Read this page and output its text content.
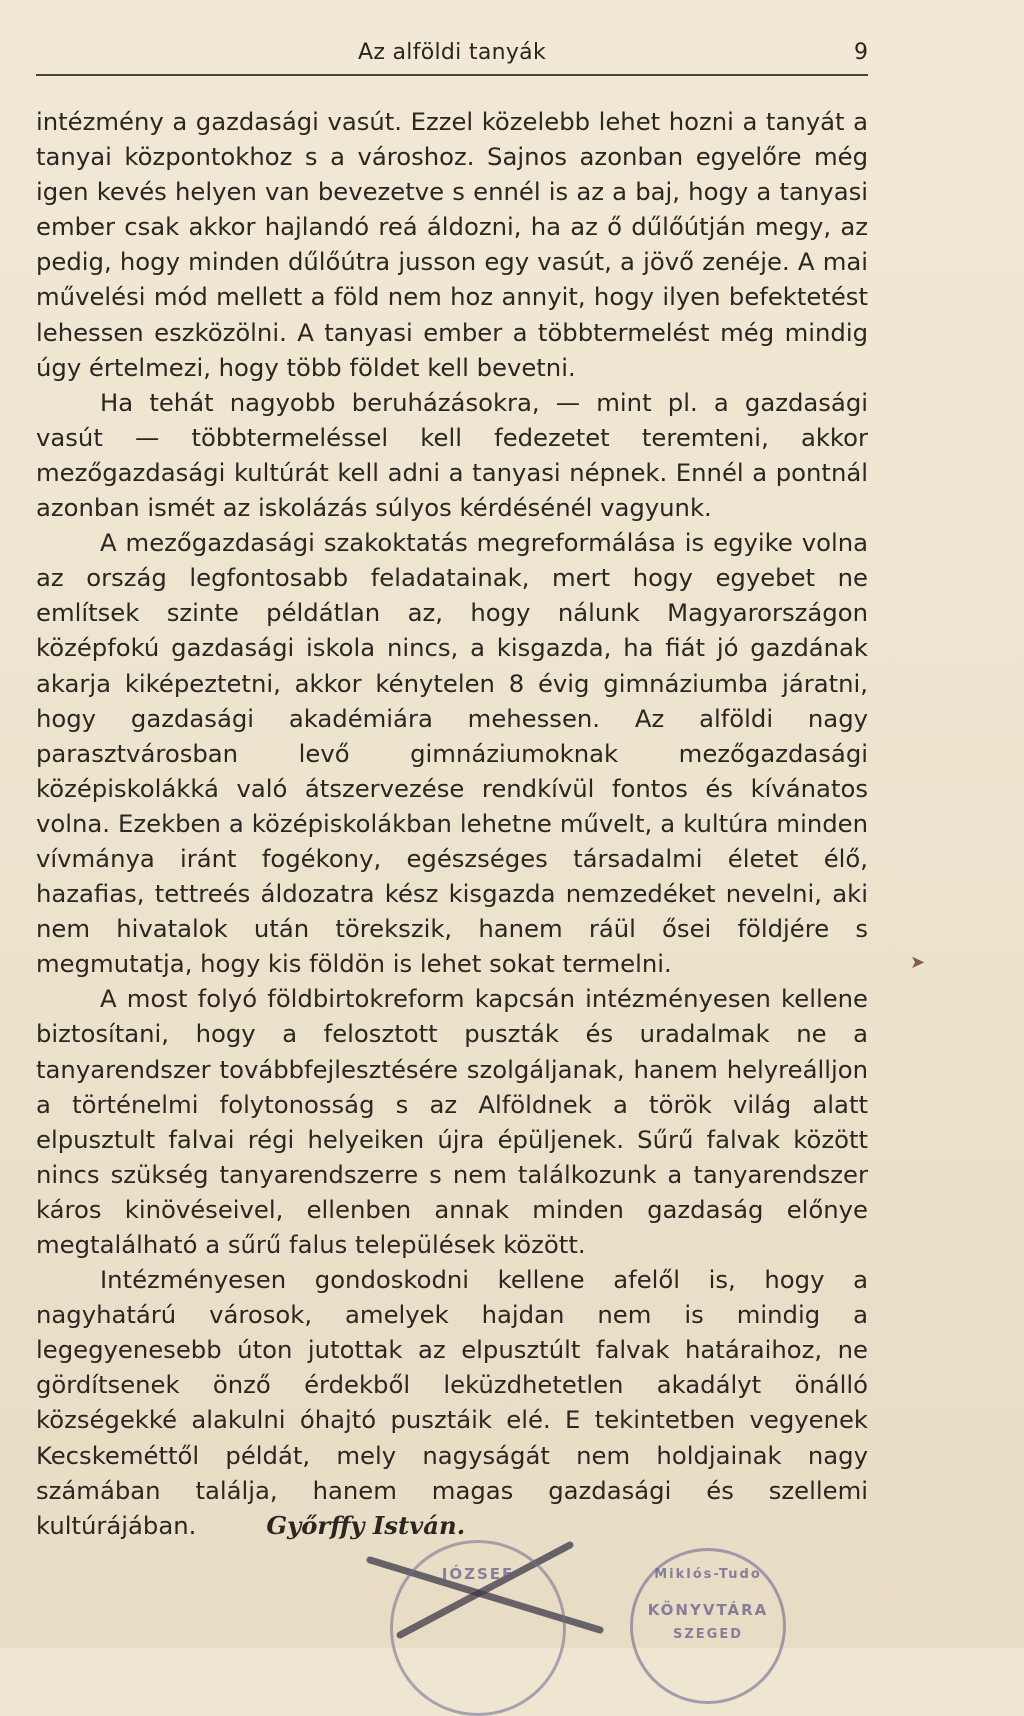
Az alföldi tanyák	9

intézmény a gazdasági vasút. Ezzel közelebb lehet hozni a tanyát a tanyai központokhoz s a városhoz. Sajnos azonban egyelőre még igen kevés helyen van bevezetve s ennél is az a baj, hogy a tanyasi ember csak akkor hajlandó reá áldozni, ha az ő dűlőútján megy, az pedig, hogy minden dűlőútra jusson egy vasút, a jövő zenéje. A mai művelési mód mellett a föld nem hoz annyit, hogy ilyen befektetést lehessen eszközölni. A tanyasi ember a többtermelést még mindig úgy értelmezi, hogy több földet kell bevetni.

Ha tehát nagyobb beruházásokra, — mint pl. a gazdasági vasút — többtermeléssel kell fedezetet teremteni, akkor mezőgazdasági kultúrát kell adni a tanyasi népnek. Ennél a pontnál azonban ismét az iskolázás súlyos kérdésénél vagyunk.

A mezőgazdasági szakoktatás megreformálása is egyike volna az ország legfontosabb feladatainak, mert hogy egyebet ne említsek szinte példátlan az, hogy nálunk Magyarországon középfokú gazdasági iskola nincs, a kisgazda, ha fiát jó gazdának akarja kiképeztetni, akkor kénytelen 8 évig gimnáziumba járatni, hogy gazdasági akadémiára mehessen. Az alföldi nagy parasztvárosban levő gimnáziumoknak mezőgazdasági középiskolákká való átszervezése rendkívül fontos és kívánatos volna. Ezekben a középiskolákban lehetne művelt, a kultúra minden vívmánya iránt fogékony, egészséges társadalmi életet élő, hazafias, tettreés áldozatra kész kisgazda nemzedéket nevelni, aki nem hivatalok után törekszik, hanem ráül ősei földjére s megmutatja, hogy kis földön is lehet sokat termelni.

A most folyó földbirtokreform kapcsán intézményesen kellene biztosítani, hogy a felosztott puszták és uradalmak ne a tanyarendszer továbbfejlesztésére szolgáljanak, hanem helyreálljon a történelmi folytonosság s az Alföldnek a török világ alatt elpusztult falvai régi helyeiken újra épüljenek. Sűrű falvak között nincs szükség tanyarendszerre s nem találkozunk a tanyarendszer káros kinövéseivel, ellenben annak minden gazdaság előnye megtalálható a sűrű falus települések között.

Intézményesen gondoskodni kellene afelől is, hogy a nagyhatárú városok, amelyek hajdan nem is mindig a legegyenesebb úton jutottak az elpusztúlt falvak határaihoz, ne gördítsenek önző érdekből leküzdhetetlen akadályt önálló községekké alakulni óhajtó pusztáik elé. E tekintetben vegyenek Kecskeméttől példát, mely nagyságát nem holdjainak nagy számában találja, hanem magas gazdasági és szellemi kultúrájában.	Győrffy István.

➤
JÓZSEF	Miklós-Tudo
KÖNYVTÁRA
SZEGED
